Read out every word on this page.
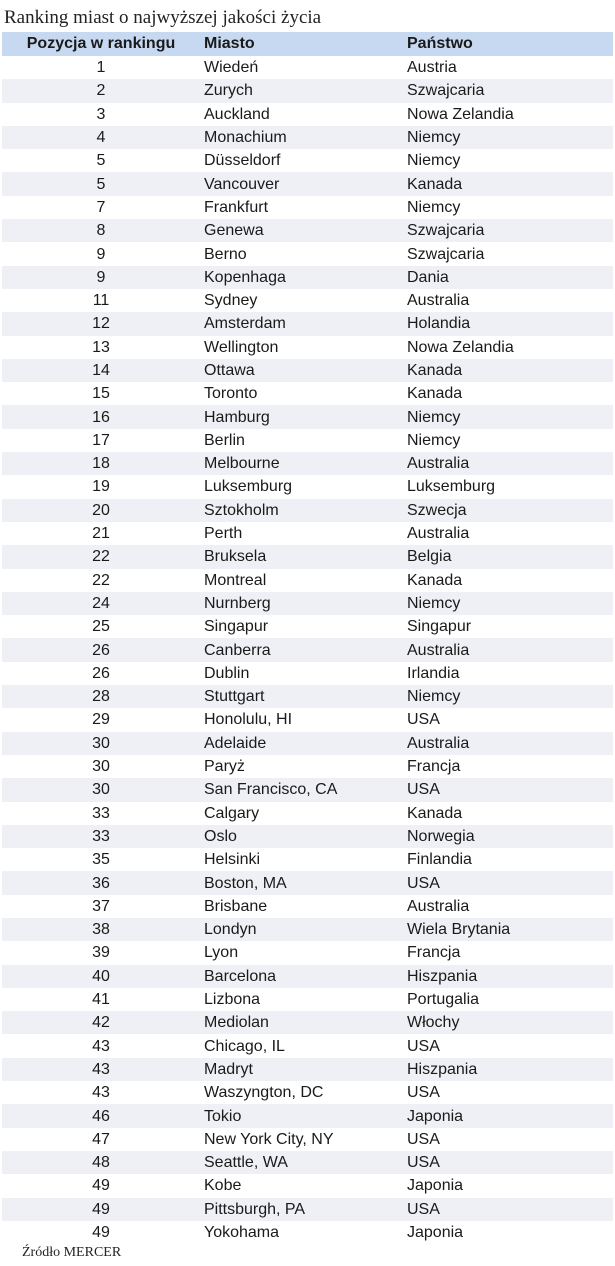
Ranking miast o najwyższej jakości życia
Pozycja w rankingu	Miasto	Państwo
1	Wiedeń	Austria
2	Zurych	Szwajcaria
3	Auckland	Nowa Zelandia
4	Monachium	Niemcy
5	Düsseldorf	Niemcy
5	Vancouver	Kanada
7	Frankfurt	Niemcy
8	Genewa	Szwajcaria
9	Berno	Szwajcaria
9	Kopenhaga	Dania
11	Sydney	Australia
12	Amsterdam	Holandia
13	Wellington	Nowa Zelandia
14	Ottawa	Kanada
15	Toronto	Kanada
16	Hamburg	Niemcy
17	Berlin	Niemcy
18	Melbourne	Australia
19	Luksemburg	Luksemburg
20	Sztokholm	Szwecja
21	Perth	Australia
22	Bruksela	Belgia
22	Montreal	Kanada
24	Nurnberg	Niemcy
25	Singapur	Singapur
26	Canberra	Australia
26	Dublin	Irlandia
28	Stuttgart	Niemcy
29	Honolulu, HI	USA
30	Adelaide	Australia
30	Paryż	Francja
30	San Francisco, CA	USA
33	Calgary	Kanada
33	Oslo	Norwegia
35	Helsinki	Finlandia
36	Boston, MA	USA
37	Brisbane	Australia
38	Londyn	Wiela Brytania
39	Lyon	Francja
40	Barcelona	Hiszpania
41	Lizbona	Portugalia
42	Mediolan	Włochy
43	Chicago, IL	USA
43	Madryt	Hiszpania
43	Waszyngton, DC	USA
46	Tokio	Japonia
47	New York City, NY	USA
48	Seattle, WA	USA
49	Kobe	Japonia
49	Pittsburgh, PA	USA
49	Yokohama	Japonia
Źródło MERCER
